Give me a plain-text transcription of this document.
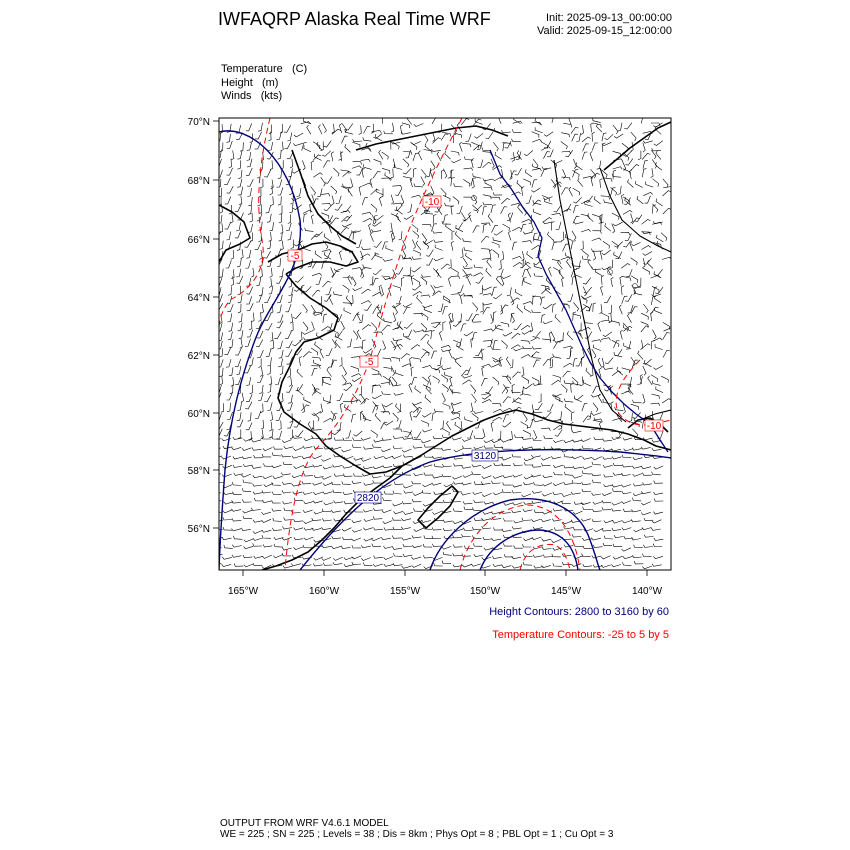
IWFAQRP Alaska Real Time WRF	Init: 2025-09-13_00:00:00
Valid: 2025-09-15_12:00:00
Temperature (C)
Height (m)
Winds (kts)
-10
-5
-5
-10
3120
2820
70°N
68°N
66°N
64°N
62°N
60°N
58°N
56°N
165°W	160°W	155°W	150°W	145°W	140°W
Height Contours: 2800 to 3160 by 60
Temperature Contours: -25 to 5 by 5
OUTPUT FROM WRF V4.6.1 MODEL
WE = 225 ; SN = 225 ; Levels = 38 ; Dis = 8km ; Phys Opt = 8 ; PBL Opt = 1 ; Cu Opt = 3
